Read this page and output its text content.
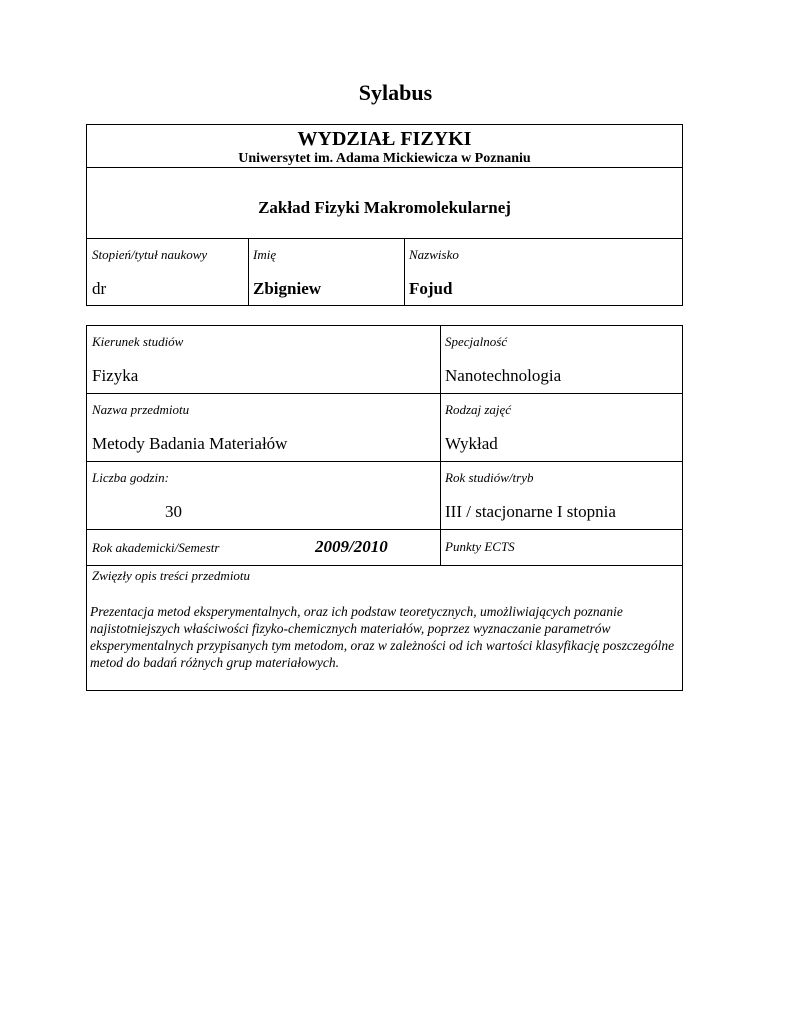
Sylabus
WYDZIAŁ FIZYKI
Uniwersytet im. Adama Mickiewicza w Poznaniu
Zakład Fizyki Makromolekularnej
Stopień/tytuł naukowy
dr
Imię
Zbigniew
Nazwisko
Fojud
Kierunek studiów
Fizyka
Specjalność
Nanotechnologia
Nazwa przedmiotu
Metody Badania Materiałów
Rodzaj zajęć
Wykład
Liczba godzin:
30
Rok studiów/tryb
III / stacjonarne I stopnia
Rok akademicki/Semestr	2009/2010	Punkty ECTS
Zwięzły opis treści przedmiotu
Prezentacja metod eksperymentalnych, oraz ich podstaw teoretycznych, umożliwiających poznanie najistotniejszych właściwości fizyko-chemicznych materiałów, poprzez wyznaczanie parametrów eksperymentalnych przypisanych tym metodom, oraz w zależności od ich wartości klasyfikację poszczególne metod do badań różnych grup materiałowych.
